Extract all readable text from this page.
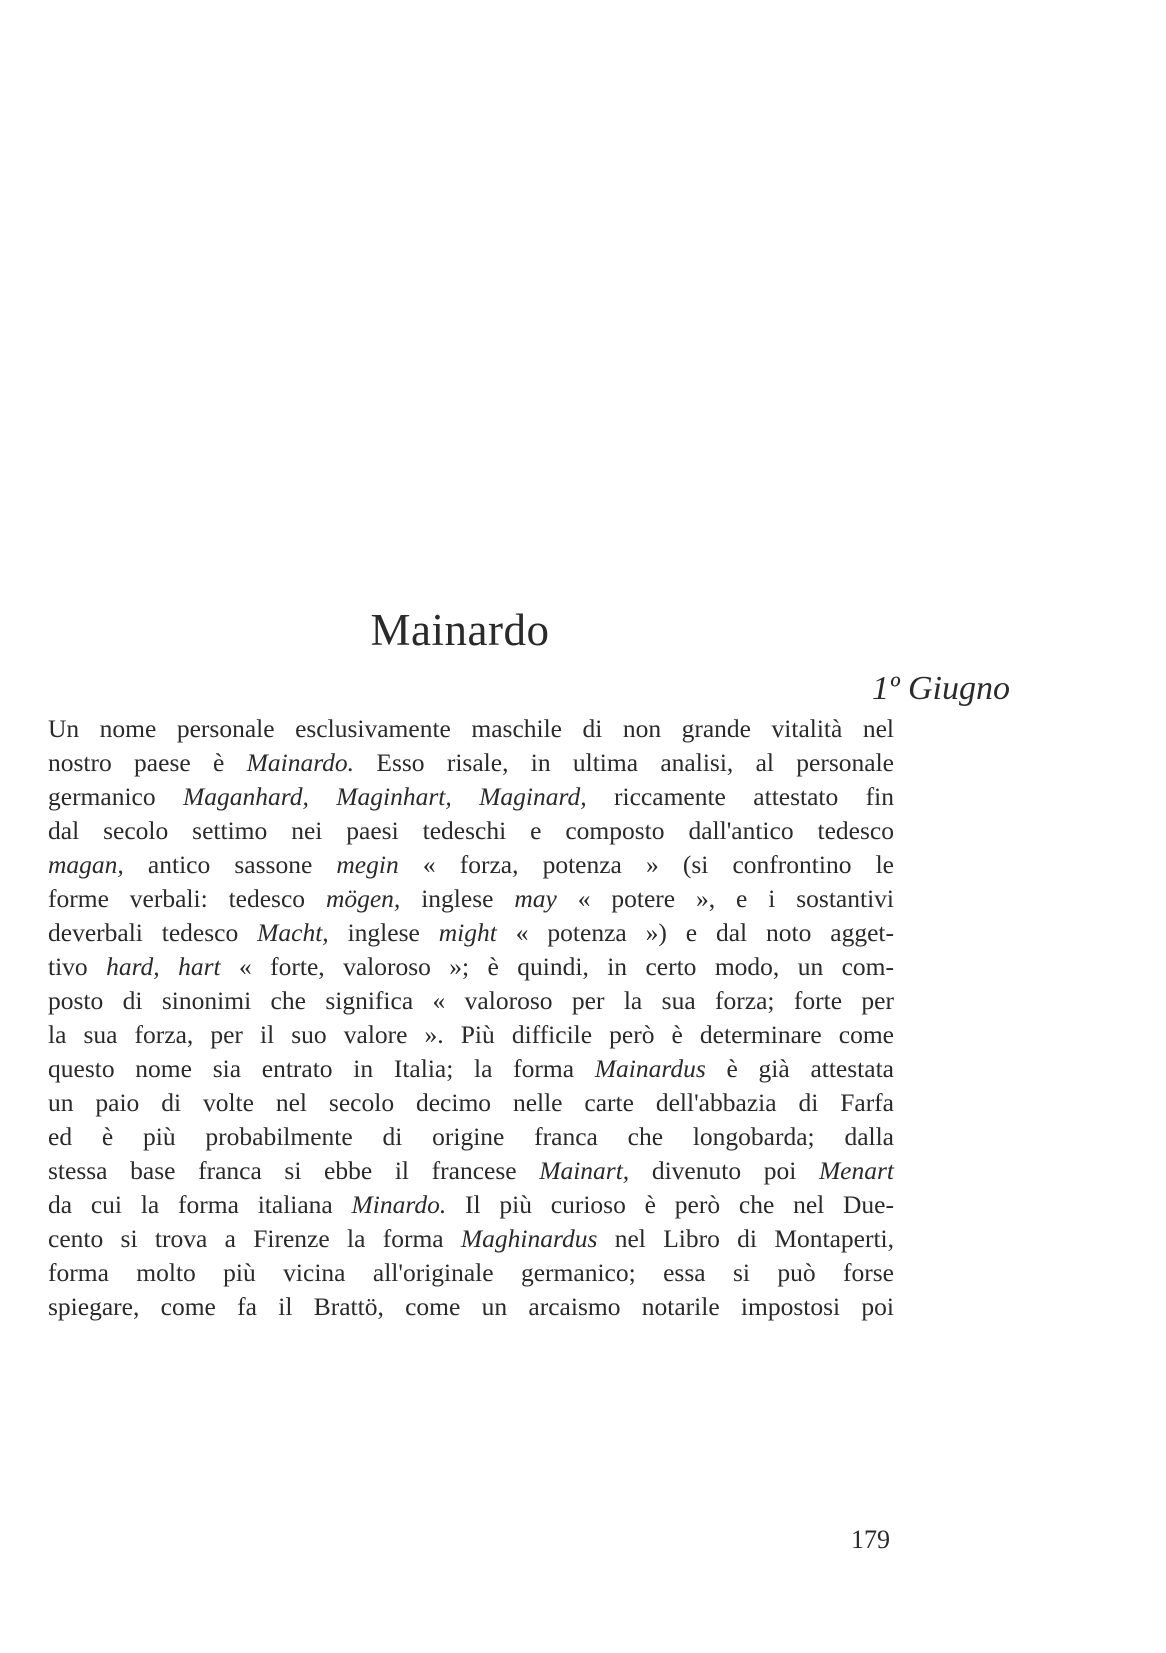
Mainardo
1º Giugno
Un nome personale esclusivamente maschile di non grande vitalità nel
nostro paese è Mainardo. Esso risale, in ultima analisi, al personale
germanico Maganhard, Maginhart, Maginard, riccamente attestato fin
dal secolo settimo nei paesi tedeschi e composto dall'antico tedesco
magan, antico sassone megin « forza, potenza » (si confrontino le
forme verbali: tedesco mögen, inglese may « potere », e i sostantivi
deverbali tedesco Macht, inglese might « potenza ») e dal noto agget-
tivo hard, hart « forte, valoroso »; è quindi, in certo modo, un com-
posto di sinonimi che significa « valoroso per la sua forza; forte per
la sua forza, per il suo valore ». Più difficile però è determinare come
questo nome sia entrato in Italia; la forma Mainardus è già attestata
un paio di volte nel secolo decimo nelle carte dell'abbazia di Farfa
ed è più probabilmente di origine franca che longobarda; dalla
stessa base franca si ebbe il francese Mainart, divenuto poi Menart
da cui la forma italiana Minardo. Il più curioso è però che nel Due-
cento si trova a Firenze la forma Maghinardus nel Libro di Montaperti,
forma molto più vicina all'originale germanico; essa si può forse
spiegare, come fa il Brattö, come un arcaismo notarile impostosi poi
179
